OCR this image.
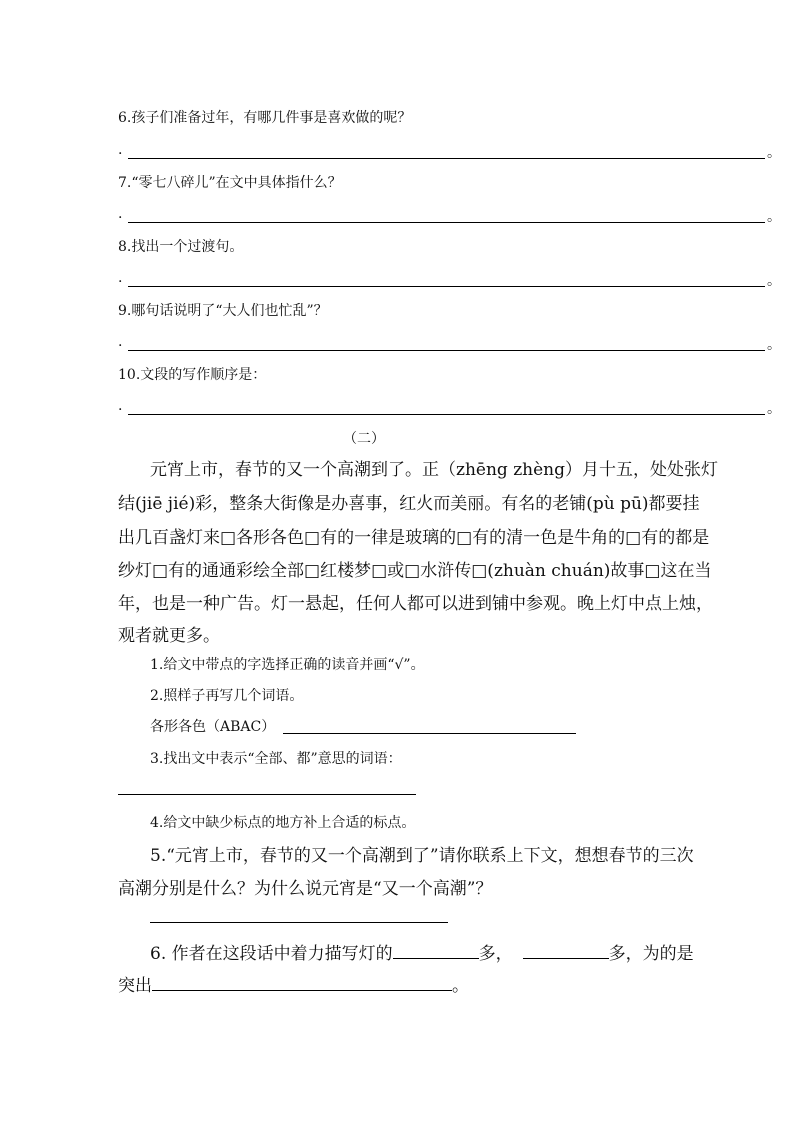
6.孩子们准备过年，有哪几件事是喜欢做的呢？
.	。
7.“零七八碎儿”在文中具体指什么？
.	。
8.找出一个过渡句。
.	。
9.哪句话说明了“大人们也忙乱”？
.	。
10.文段的写作顺序是：
.	。
（二）
元宵上市，春节的又一个高潮到了。正（zhēng zhèng）月十五，处处张灯
结(jiē jié)彩，整条大街像是办喜事，红火而美丽。有名的老铺(pù pū)都要挂
出几百盏灯来□各形各色□有的一律是玻璃的□有的清一色是牛角的□有的都是
纱灯□有的通通彩绘全部□红楼梦□或□水浒传□(zhuàn chuán)故事□这在当
年，也是一种广告。灯一悬起，任何人都可以进到铺中参观。晚上灯中点上烛，
观者就更多。
1.给文中带点的字选择正确的读音并画“√”。
2.照样子再写几个词语。
各形各色（ABAC）
3.找出文中表示“全部、都”意思的词语：
4.给文中缺少标点的地方补上合适的标点。
5.“元宵上市，春节的又一个高潮到了”请你联系上下文，想想春节的三次
高潮分别是什么？为什么说元宵是“又一个高潮”？
6. 作者在这段话中着力描写灯的	多，	多，为的是
突出	。
